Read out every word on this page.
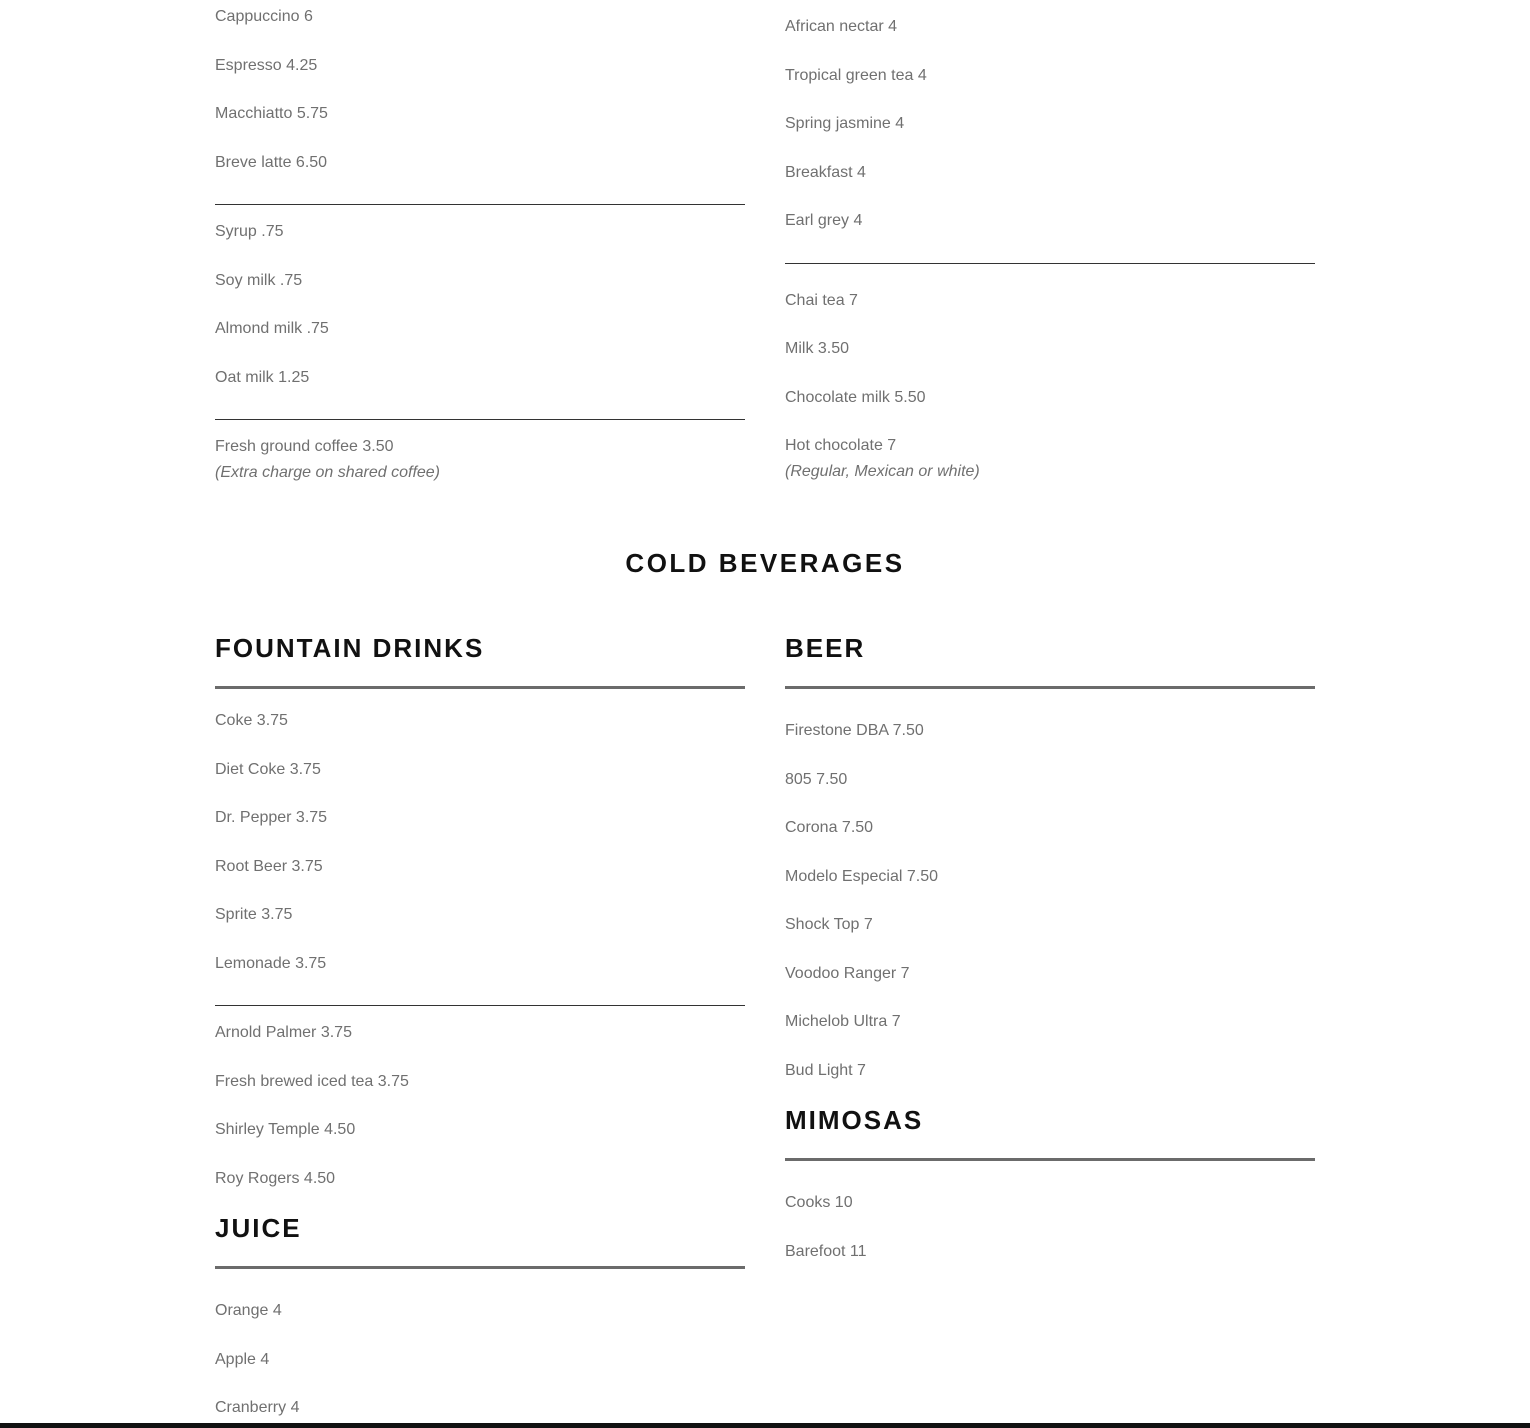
Cappuccino 6
Espresso 4.25
Macchiatto 5.75
Breve latte 6.50
Syrup .75
Soy milk .75
Almond milk .75
Oat milk 1.25
Fresh ground coffee 3.50
(Extra charge on shared coffee)
African nectar 4
Tropical green tea 4
Spring jasmine 4
Breakfast 4
Earl grey 4
Chai tea 7
Milk 3.50
Chocolate milk 5.50
Hot chocolate 7
(Regular, Mexican or white)
COLD BEVERAGES
FOUNTAIN DRINKS
Coke 3.75
Diet Coke 3.75
Dr. Pepper 3.75
Root Beer 3.75
Sprite 3.75
Lemonade 3.75
Arnold Palmer 3.75
Fresh brewed iced tea 3.75
Shirley Temple 4.50
Roy Rogers 4.50
JUICE
Orange 4
Apple 4
Cranberry 4
BEER
Firestone DBA 7.50
805 7.50
Corona 7.50
Modelo Especial 7.50
Shock Top 7
Voodoo Ranger 7
Michelob Ultra 7
Bud Light 7
MIMOSAS
Cooks 10
Barefoot 11
